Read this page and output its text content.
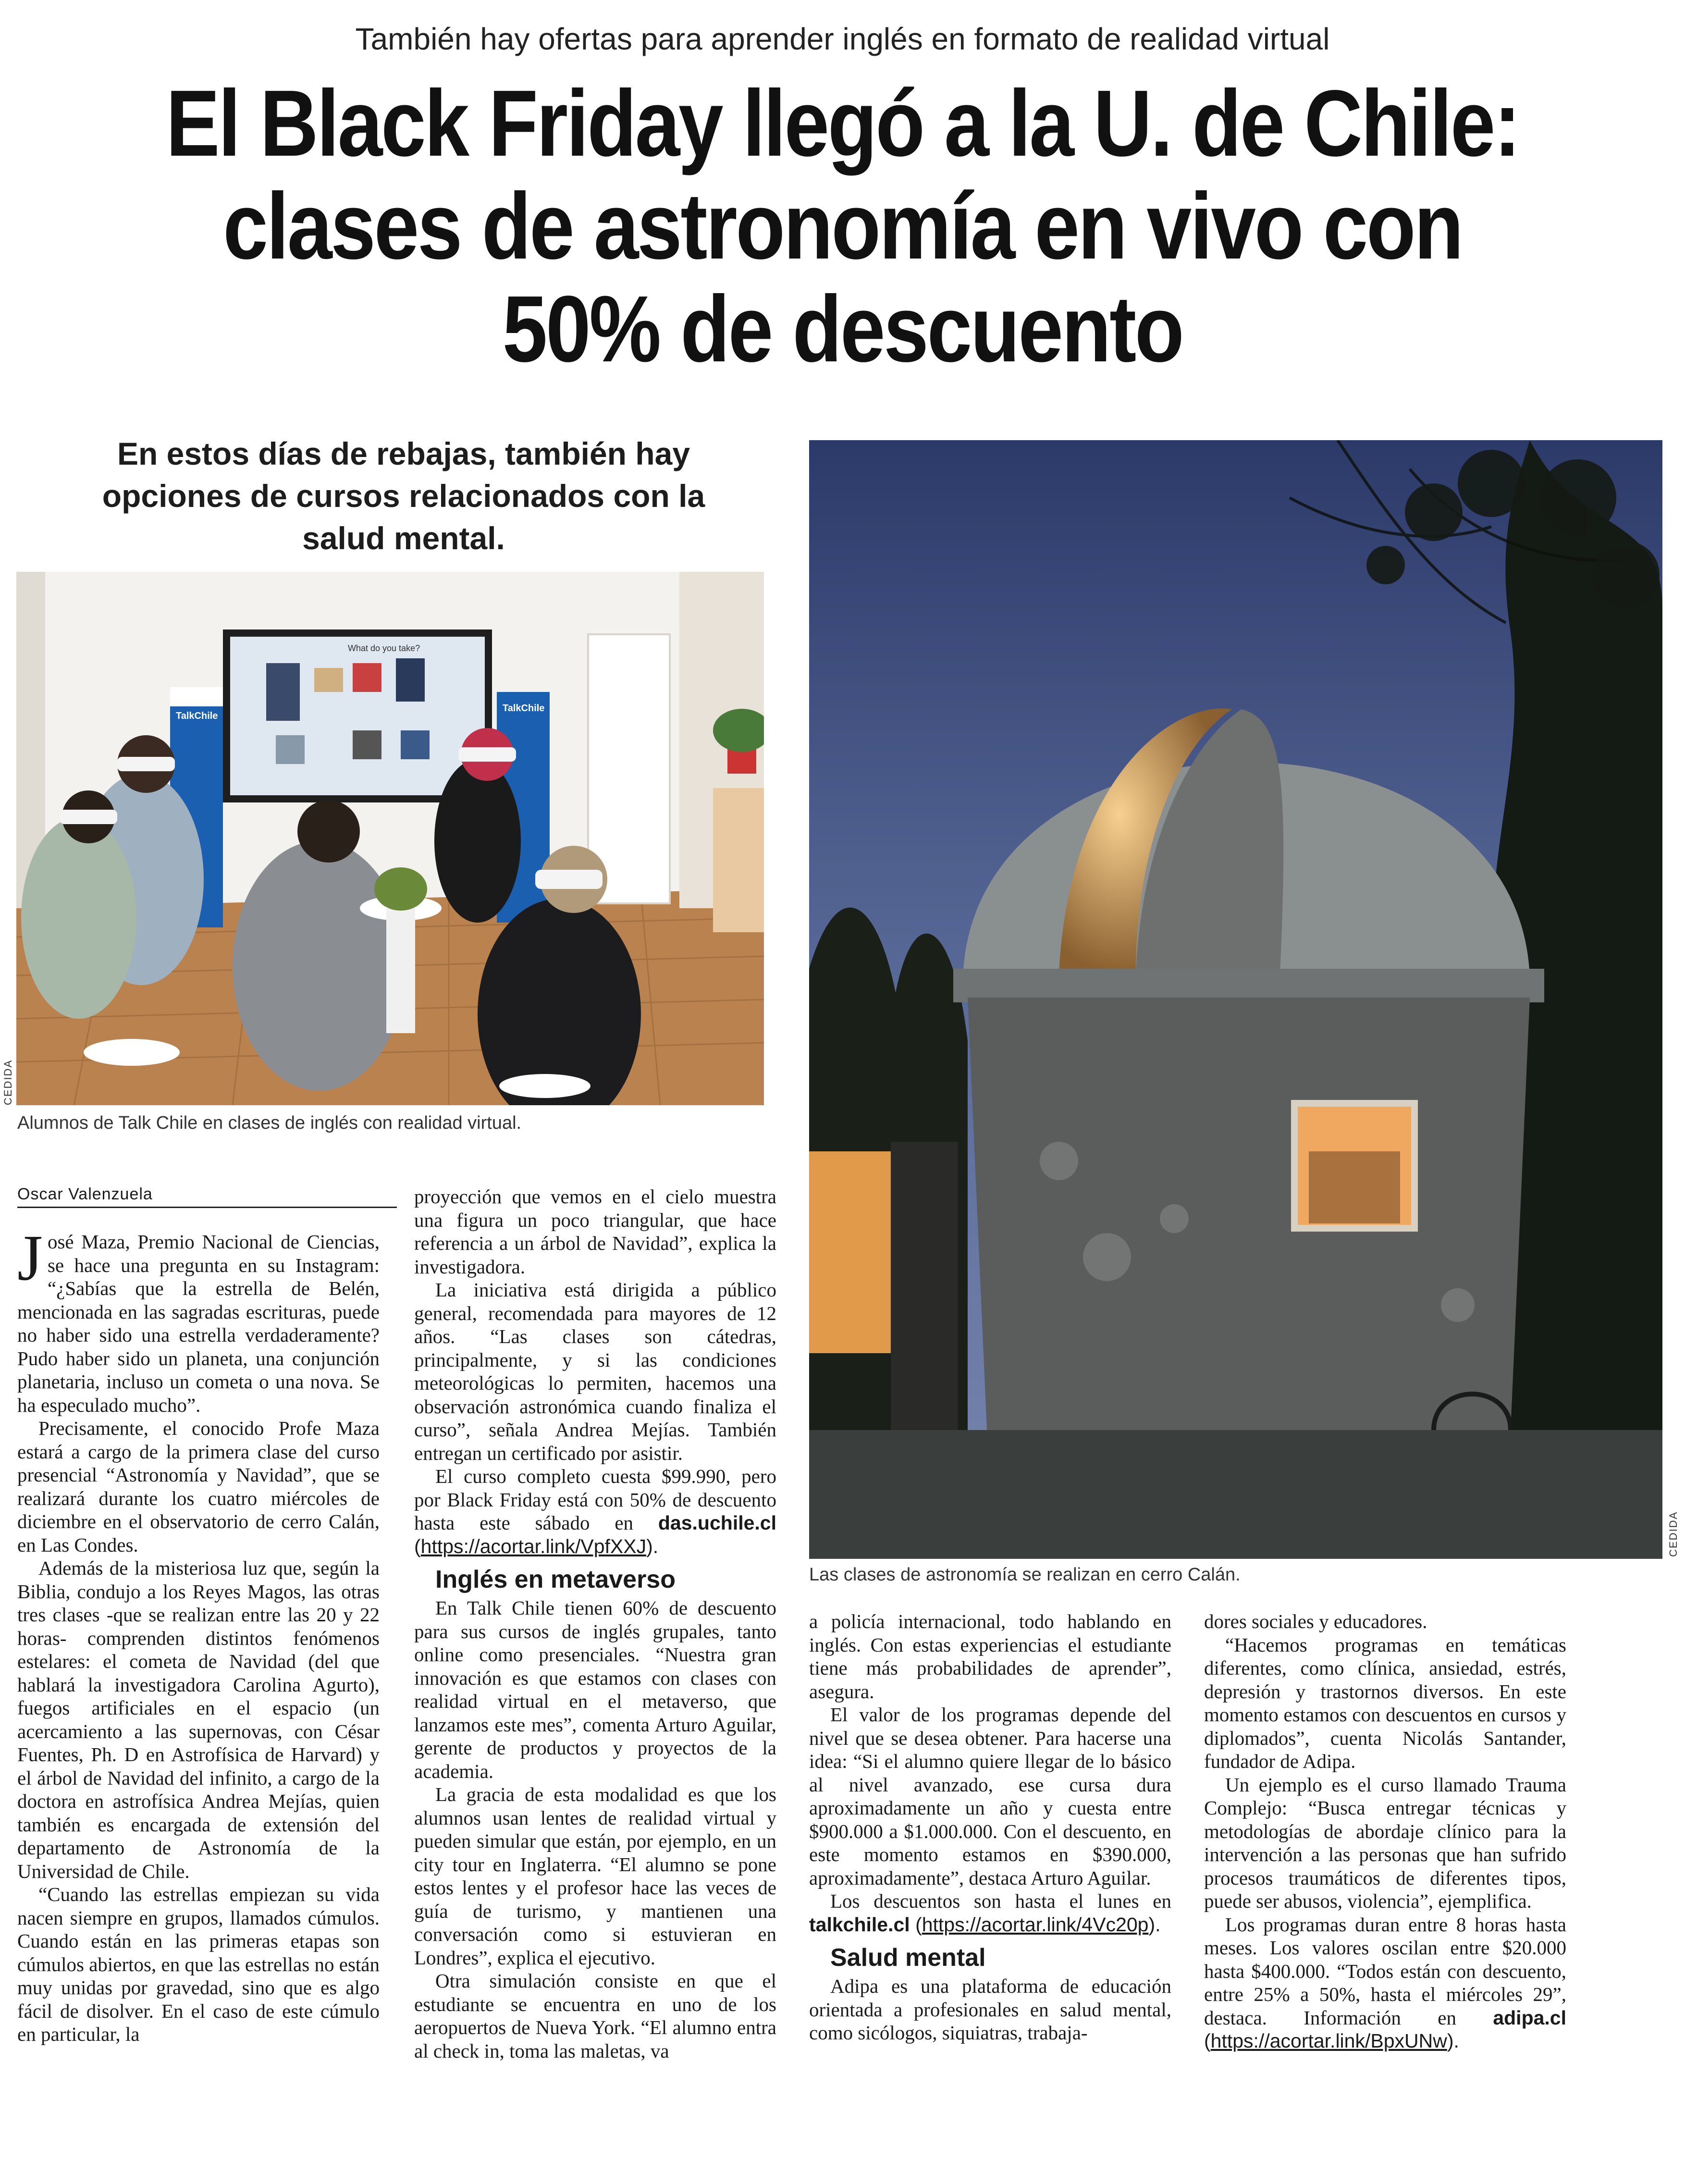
También hay ofertas para aprender inglés en formato de realidad virtual
El Black Friday llegó a la U. de Chile:
clases de astronomía en vivo con
50% de descuento
En estos días de rebajas, también hay
opciones de cursos relacionados con la
salud mental.
What do you take?
TalkChile
TalkChile
CEDIDA
Alumnos de Talk Chile en clases de inglés con realidad virtual.
CEDIDA
Las clases de astronomía se realizan en cerro Calán.
Oscar Valenzuela

José Maza, Premio Nacional de Ciencias, se hace una pregunta en su Instagram: “¿Sabías que la estrella de Belén, mencionada en las sagradas escrituras, puede no haber sido una estrella verdaderamente? Pudo haber sido un planeta, una conjunción planetaria, incluso un cometa o una nova. Se ha especulado mucho”.

Precisamente, el conocido Profe Maza estará a cargo de la primera clase del curso presencial “Astronomía y Navidad”, que se realizará durante los cuatro miércoles de diciembre en el observatorio de cerro Calán, en Las Condes.

Además de la misteriosa luz que, según la Biblia, condujo a los Reyes Magos, las otras tres clases -que se realizan entre las 20 y 22 horas- comprenden distintos fenómenos estelares: el cometa de Navidad (del que hablará la investigadora Carolina Agurto), fuegos artificiales en el espacio (un acercamiento a las supernovas, con César Fuentes, Ph. D en Astrofísica de Harvard) y el árbol de Navidad del infinito, a cargo de la doctora en astrofísica Andrea Mejías, quien también es encargada de extensión del departamento de Astronomía de la Universidad de Chile.

“Cuando las estrellas empiezan su vida nacen siempre en grupos, llamados cúmulos. Cuando están en las primeras etapas son cúmulos abiertos, en que las estrellas no están muy unidas por gravedad, sino que es algo fácil de disolver. En el caso de este cúmulo en particular, la

proyección que vemos en el cielo muestra una figura un poco triangular, que hace referencia a un árbol de Navidad”, explica la investigadora.

La iniciativa está dirigida a público general, recomendada para mayores de 12 años. “Las clases son cátedras, principalmente, y si las condiciones meteorológicas lo permiten, hacemos una observación astronómica cuando finaliza el curso”, señala Andrea Mejías. También entregan un certificado por asistir.

El curso completo cuesta $99.990, pero por Black Friday está con 50% de descuento hasta este sábado en das.uchile.cl (https://acortar.link/VpfXXJ).

Inglés en metaverso

En Talk Chile tienen 60% de descuento para sus cursos de inglés grupales, tanto online como presenciales. “Nuestra gran innovación es que estamos con clases con realidad virtual en el metaverso, que lanzamos este mes”, comenta Arturo Aguilar, gerente de productos y proyectos de la academia.

La gracia de esta modalidad es que los alumnos usan lentes de realidad virtual y pueden simular que están, por ejemplo, en un city tour en Inglaterra. “El alumno se pone estos lentes y el profesor hace las veces de guía de turismo, y mantienen una conversación como si estuvieran en Londres”, explica el ejecutivo.

Otra simulación consiste en que el estudiante se encuentra en uno de los aeropuertos de Nueva York. “El alumno entra al check in, toma las maletas, va

a policía internacional, todo hablando en inglés. Con estas experiencias el estudiante tiene más probabilidades de aprender”, asegura.

El valor de los programas depende del nivel que se desea obtener. Para hacerse una idea: “Si el alumno quiere llegar de lo básico al nivel avanzado, ese cursa dura aproximadamente un año y cuesta entre $900.000 a $1.000.000. Con el descuento, en este momento estamos en $390.000, aproximadamente”, destaca Arturo Aguilar.

Los descuentos son hasta el lunes en talkchile.cl (https://acortar.link/4Vc20p).

Salud mental

Adipa es una plataforma de educación orientada a profesionales en salud mental, como sicólogos, siquiatras, trabaja-

dores sociales y educadores.

“Hacemos programas en temáticas diferentes, como clínica, ansiedad, estrés, depresión y trastornos diversos. En este momento estamos con descuentos en cursos y diplomados”, cuenta Nicolás Santander, fundador de Adipa.

Un ejemplo es el curso llamado Trauma Complejo: “Busca entregar técnicas y metodologías de abordaje clínico para la intervención a las personas que han sufrido procesos traumáticos de diferentes tipos, puede ser abusos, violencia”, ejemplifica.

Los programas duran entre 8 horas hasta meses. Los valores oscilan entre $20.000 hasta $400.000. “Todos están con descuento, entre 25% a 50%, hasta el miércoles 29”, destaca. Información en adipa.cl (https://acortar.link/BpxUNw).
